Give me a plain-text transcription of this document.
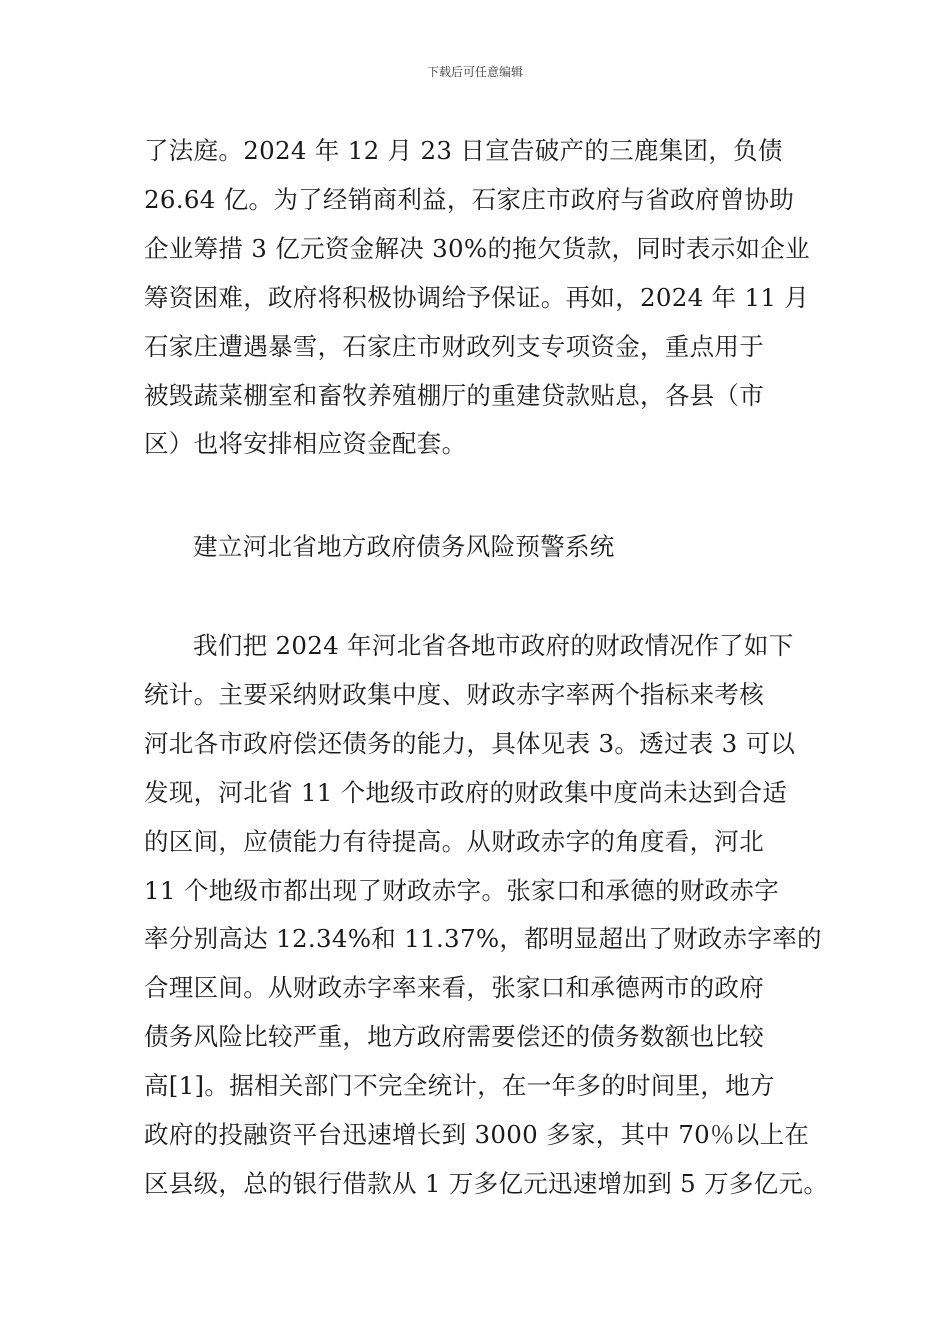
下载后可任意编辑
了法庭。2024 年 12 月 23 日宣告破产的三鹿集团，负债
26.64 亿。为了经销商利益，石家庄市政府与省政府曾协助
企业筹措 3 亿元资金解决 30%的拖欠货款，同时表示如企业
筹资困难，政府将积极协调给予保证。再如，2024 年 11 月
石家庄遭遇暴雪，石家庄市财政列支专项资金，重点用于
被毁蔬菜棚室和畜牧养殖棚厅的重建贷款贴息，各县（市
区）也将安排相应资金配套。
建立河北省地方政府债务风险预警系统
我们把 2024 年河北省各地市政府的财政情况作了如下
统计。主要采纳财政集中度、财政赤字率两个指标来考核
河北各市政府偿还债务的能力，具体见表 3。透过表 3 可以
发现，河北省 11 个地级市政府的财政集中度尚未达到合适
的区间，应债能力有待提高。从财政赤字的角度看，河北
11 个地级市都出现了财政赤字。张家口和承德的财政赤字
率分别高达 12.34%和 11.37%，都明显超出了财政赤字率的
合理区间。从财政赤字率来看，张家口和承德两市的政府
债务风险比较严重，地方政府需要偿还的债务数额也比较
高[1]。据相关部门不完全统计，在一年多的时间里，地方
政府的投融资平台迅速增长到 3000 多家，其中 70％以上在
区县级，总的银行借款从 1 万多亿元迅速增加到 5 万多亿元。
